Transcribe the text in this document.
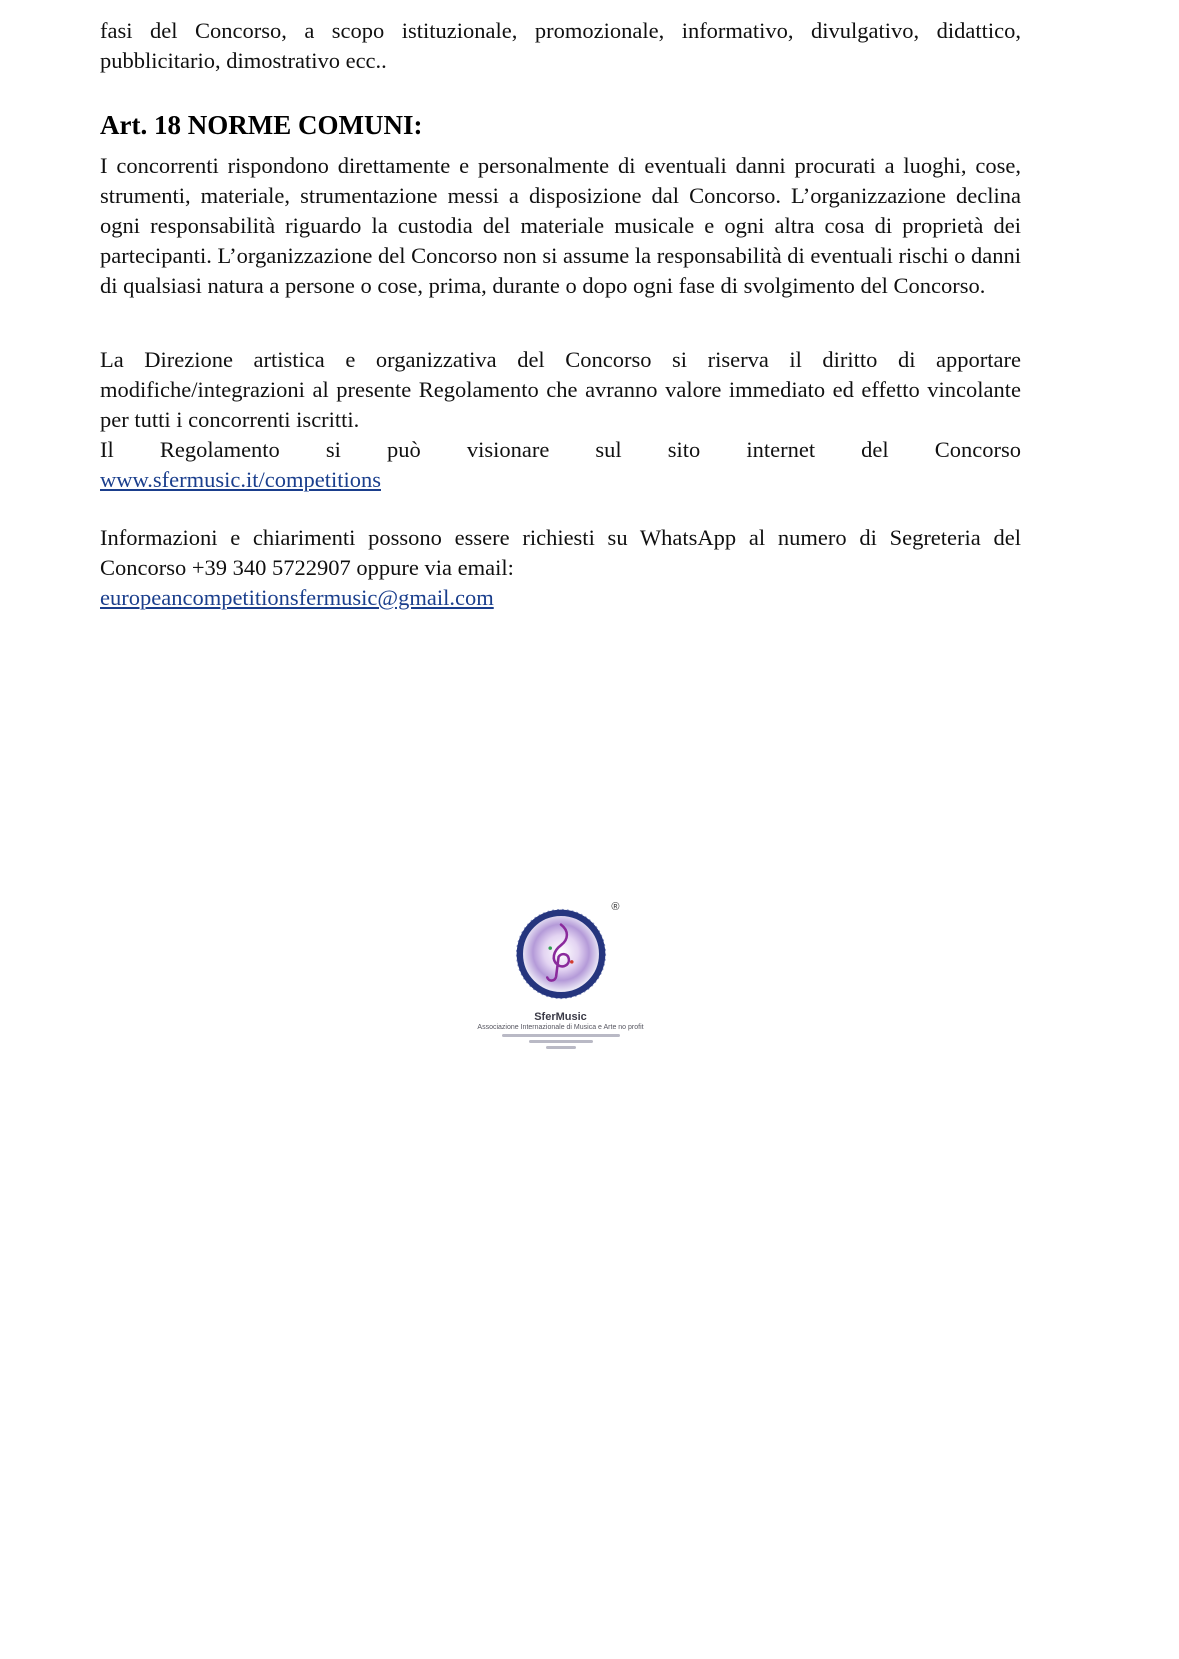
fasi del Concorso, a scopo istituzionale, promozionale, informativo, divulgativo, didattico, pubblicitario, dimostrativo ecc..

Art. 18 NORME COMUNI:

I concorrenti rispondono direttamente e personalmente di eventuali danni procurati a luoghi, cose, strumenti, materiale, strumentazione messi a disposizione dal Concorso. L’organizzazione declina ogni responsabilità riguardo la custodia del materiale musicale e ogni altra cosa di proprietà dei partecipanti. L’organizzazione del Concorso non si assume la responsabilità di eventuali rischi o danni di qualsiasi natura a persone o cose, prima, durante o dopo ogni fase di svolgimento del Concorso.

La Direzione artistica e organizzativa del Concorso si riserva il diritto di apportare modifiche/integrazioni al presente Regolamento che avranno valore immediato ed effetto vincolante per tutti i concorrenti iscritti.

Il Regolamento si può visionare sul sito internet del Concorso
www.sfermusic.it/competitions

Informazioni e chiarimenti possono essere richiesti su WhatsApp al numero di Segreteria del Concorso +39 340 5722907 oppure via email:
europeancompetitionsfermusic@gmail.com

®
SferMusic
Associazione Internazionale di Musica e Arte no profit
